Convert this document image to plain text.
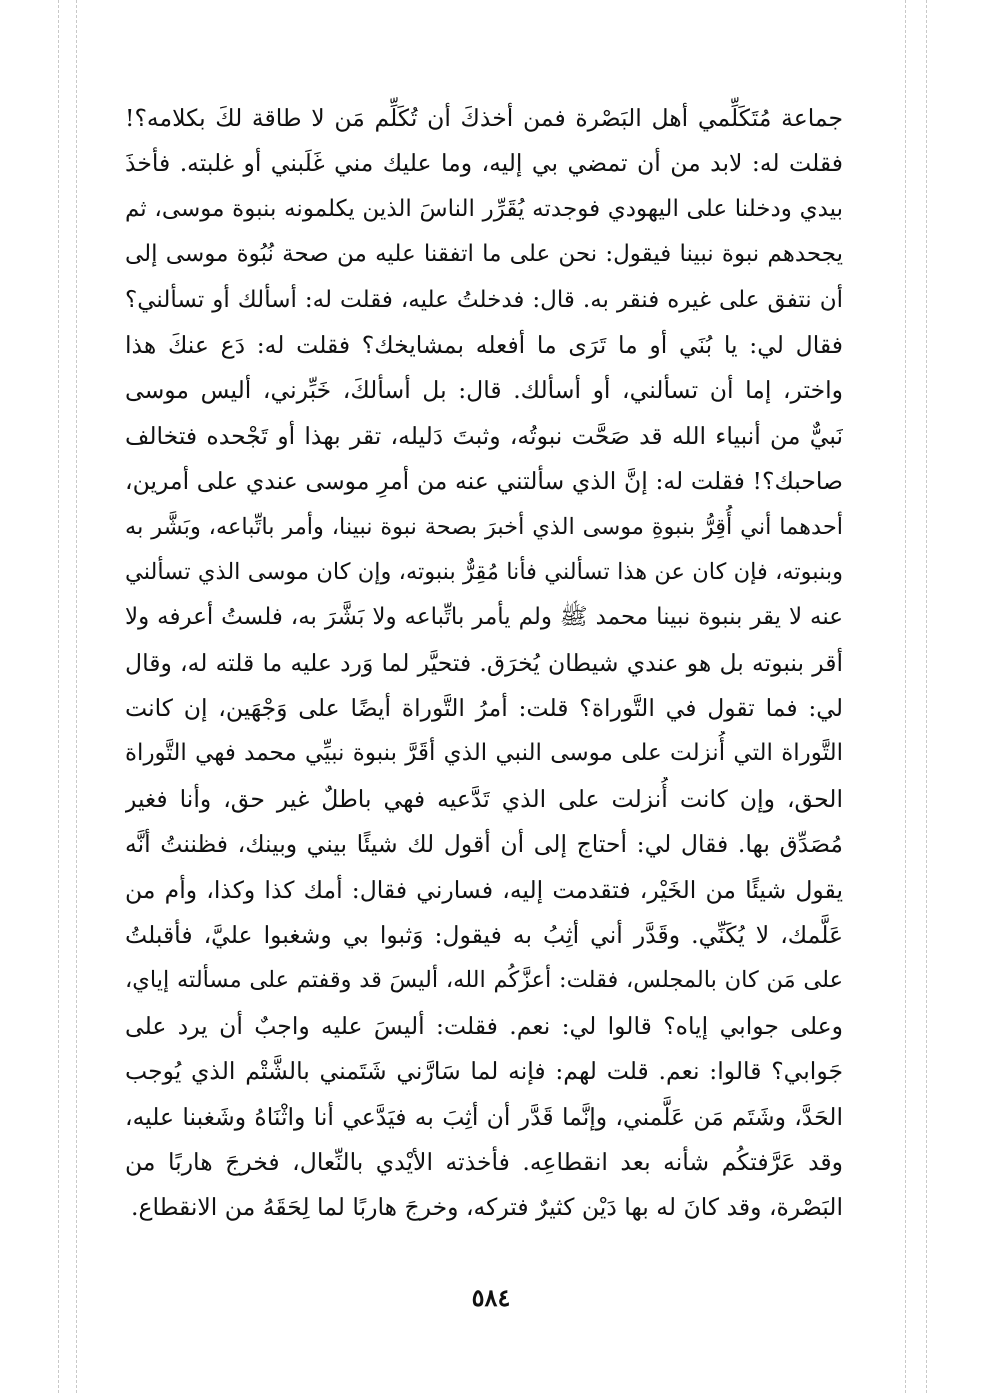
جماعة مُتَكَلِّمي أهل البَصْرة فمن أخذكَ أن تُكَلِّم مَن لا طاقة لكَ بكلامه؟!
فقلت له: لابد من أن تمضي بي إليه، وما عليك مني غَلَبني أو غلبته. فأخذَ
بيدي ودخلنا على اليهودي فوجدته يُقَرِّر الناسَ الذين يكلمونه بنبوة موسى، ثم
يجحدهم نبوة نبينا فيقول: نحن على ما اتفقنا عليه من صحة نُبُوة موسى إلى
أن نتفق على غيره فنقر به. قال: فدخلتُ عليه، فقلت له: أسألك أو تسألني؟
فقال لي: يا بُنَي أو ما تَرَى ما أفعله بمشايخك؟ فقلت له: دَع عنكَ هذا
واختر، إما أن تسألني، أو أسألك. قال: بل أسألكَ، خَبِّرني، أليس موسى
نَبيٌّ من أنبياء الله قد صَحَّت نبوتُه، وثبتَ دَليله، تقر بهذا أو تَجْحده فتخالف
صاحبك؟! فقلت له: إنَّ الذي سألتني عنه من أمرِ موسى عندي على أمرين،
أحدهما أني أُقِرُّ بنبوةِ موسى الذي أخبرَ بصحة نبوة نبينا، وأمر باتِّباعه، وبَشَّر به
وبنبوته، فإن كان عن هذا تسألني فأنا مُقِرٌّ بنبوته، وإن كان موسى الذي تسألني
عنه لا يقر بنبوة نبينا محمد ﷺ ولم يأمر باتِّباعه ولا بَشَّرَ به، فلستُ أعرفه ولا
أقر بنبوته بل هو عندي شيطان يُخرَق. فتحيَّر لما وَرد عليه ما قلته له، وقال
لي: فما تقول في التَّوراة؟ قلت: أمرُ التَّوراة أيضًا على وَجْهَين، إن كانت
التَّوراة التي أُنزلت على موسى النبي الذي أقَرَّ بنبوة نبيِّي محمد فهي التَّوراة
الحق، وإن كانت أُنزلت على الذي تَدَّعيه فهي باطلٌ غير حق، وأنا فغير
مُصَدِّق بها. فقال لي: أحتاج إلى أن أقول لك شيئًا بيني وبينك، فظننتُ أنَّه
يقول شيئًا من الخَيْر، فتقدمت إليه، فسارني فقال: أمك كذا وكذا، وأم من
عَلَّمك، لا يُكَنِّي. وقَدَّر أني أثِبُ به فيقول: وَثبوا بي وشغبوا عليَّ، فأقبلتُ
على مَن كان بالمجلس، فقلت: أعزَّكُم الله، أليسَ قد وقفتم على مسألته إياي،
وعلى جوابي إياه؟ قالوا لي: نعم. فقلت: أليسَ عليه واجبٌ أن يرد على
جَوابي؟ قالوا: نعم. قلت لهم: فإنه لما سَارَّني شَتَمني بالشَّتْم الذي يُوجب
الحَدَّ، وشَتَم مَن عَلَّمني، وإنَّما قَدَّر أن أثِبَ به فيَدَّعي أنا واثْنَاهُ وشَغبنا عليه،
وقد عَرَّفتكُم شأنه بعد انقطاعِه. فأخذته الأيْدي بالنِّعال، فخرجَ هاربًا من
البَصْرة، وقد كانَ له بها دَيْن كثيرٌ فتركه، وخرجَ هاربًا لما لِحَقَهُ من الانقطاع.
٥٨٤
